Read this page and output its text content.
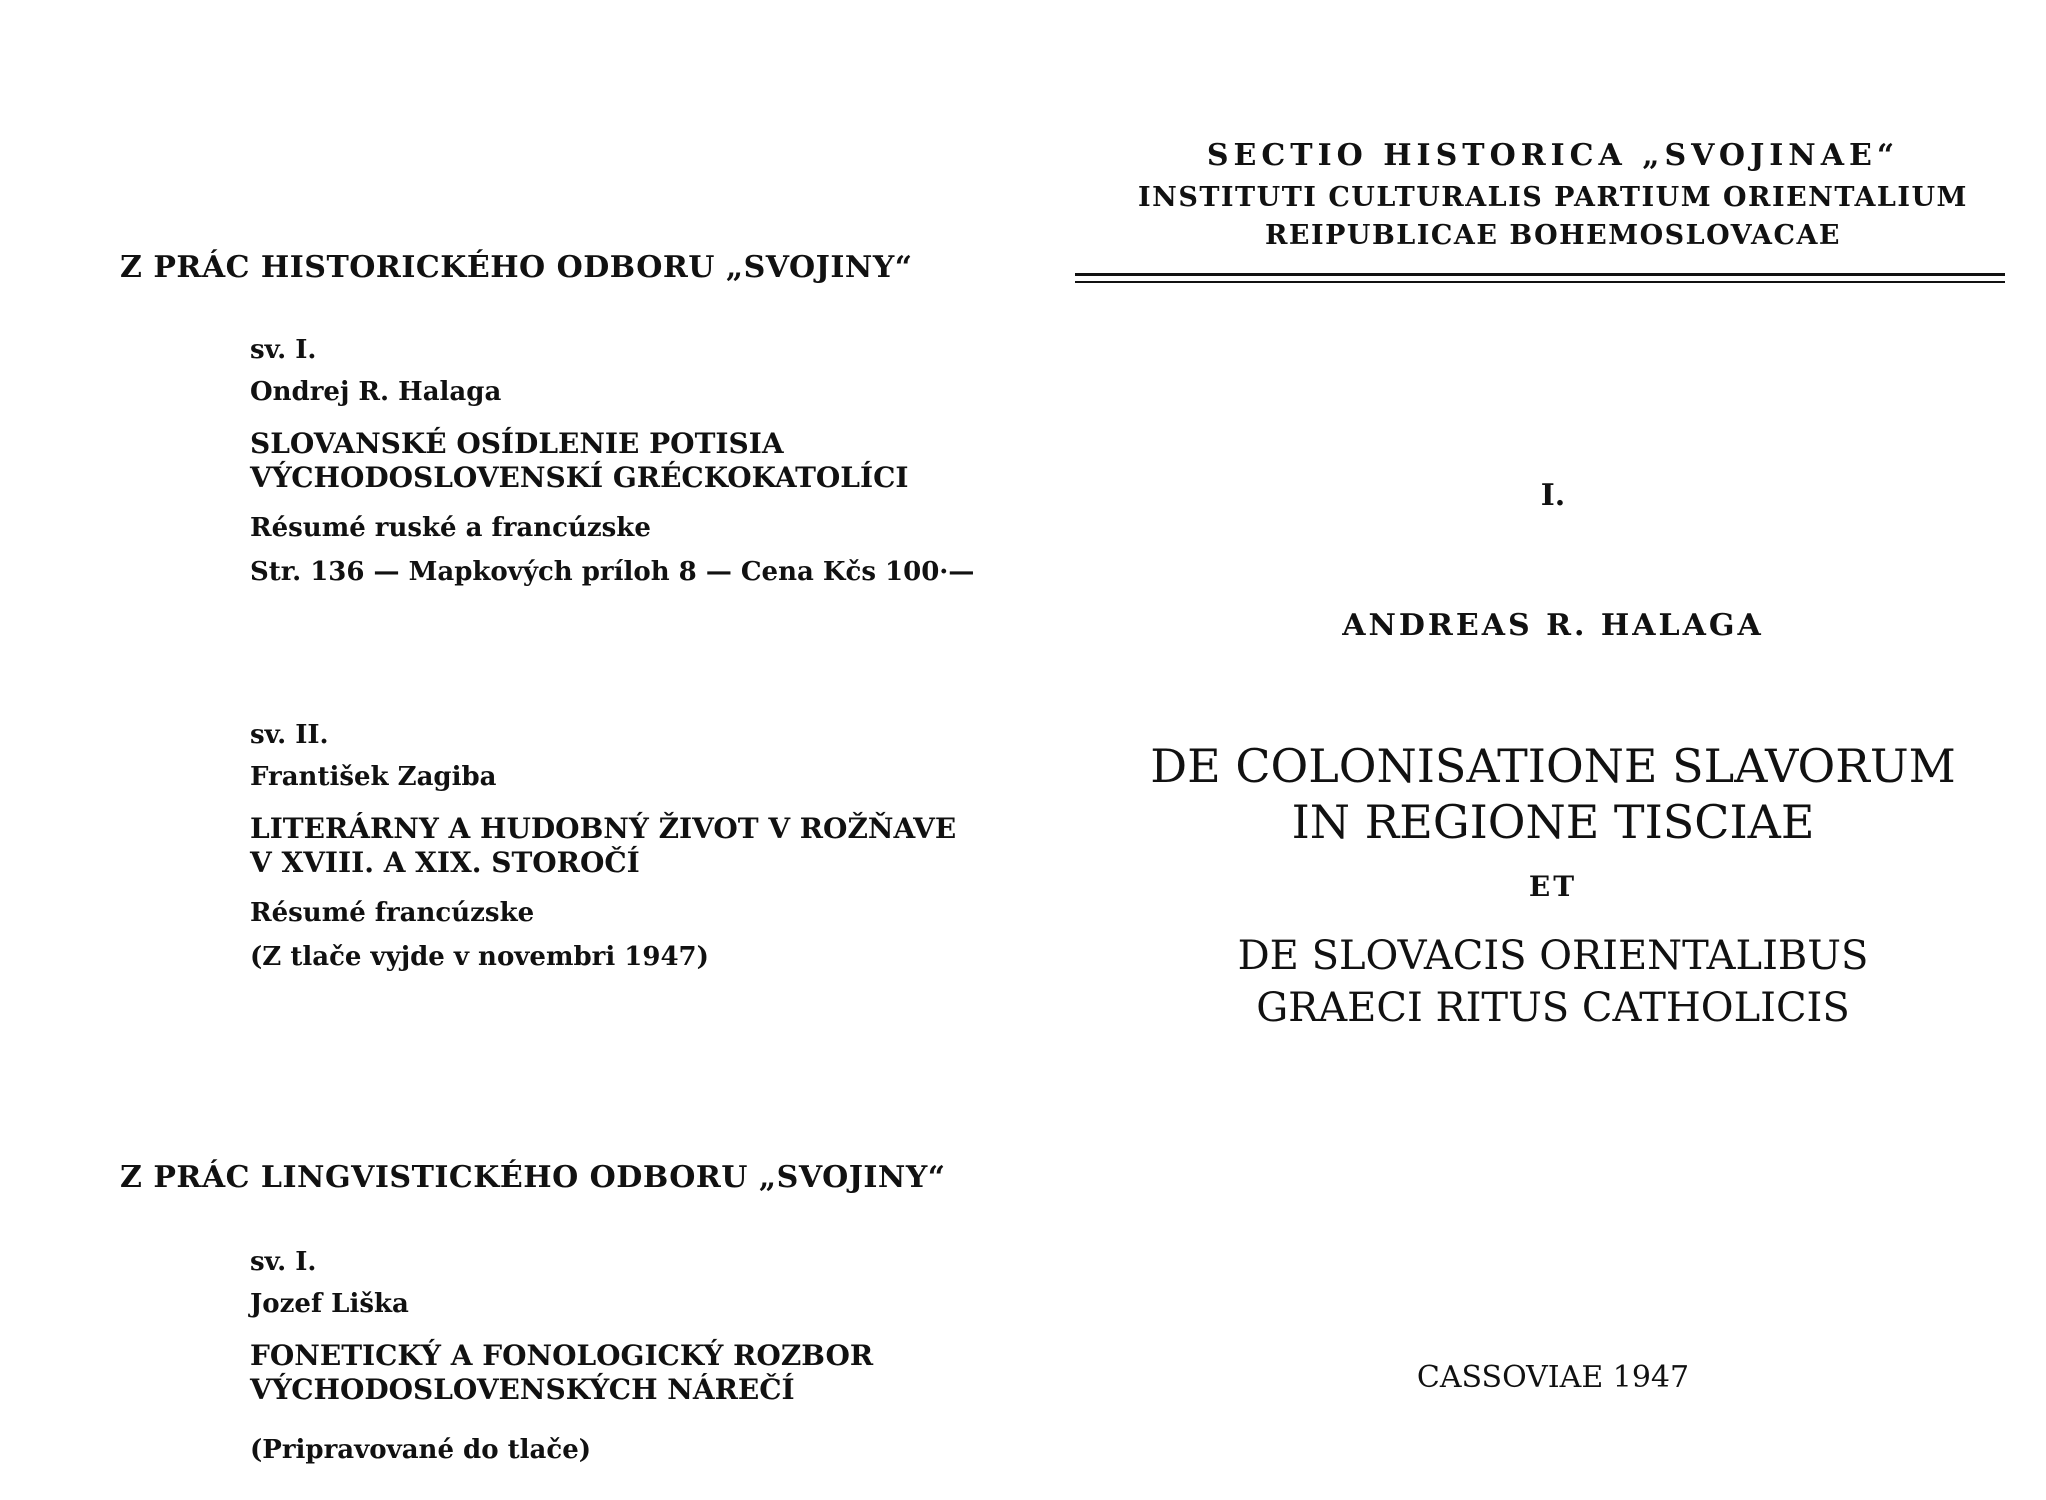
Z PRÁC HISTORICKÉHO ODBORU „SVOJINY“
sv. I.
Ondrej R. Halaga
SLOVANSKÉ OSÍDLENIE POTISIA
VÝCHODOSLOVENSKÍ GRÉCKOKATOLÍCI
Résumé ruské a francúzske
Str. 136 — Mapkových príloh 8 — Cena Kčs 100·—
sv. II.
František Zagiba
LITERÁRNY A HUDOBNÝ ŽIVOT V ROŽŇAVE
V XVIII. A XIX. STOROČÍ
Résumé francúzske
(Z tlače vyjde v novembri 1947)
Z PRÁC LINGVISTICKÉHO ODBORU „SVOJINY“
sv. I.
Jozef Liška
FONETICKÝ A FONOLOGICKÝ ROZBOR
VÝCHODOSLOVENSKÝCH NÁREČÍ
(Pripravované do tlače)
SECTIO HISTORICA „SVOJINAE“
INSTITUTI CULTURALIS PARTIUM ORIENTALIUM
REIPUBLICAE BOHEMOSLOVACAE
I.
ANDREAS R. HALAGA
DE COLONISATIONE SLAVORUM
IN REGIONE TISCIAE
ET
DE SLOVACIS ORIENTALIBUS
GRAECI RITUS CATHOLICIS
CASSOVIAE 1947
